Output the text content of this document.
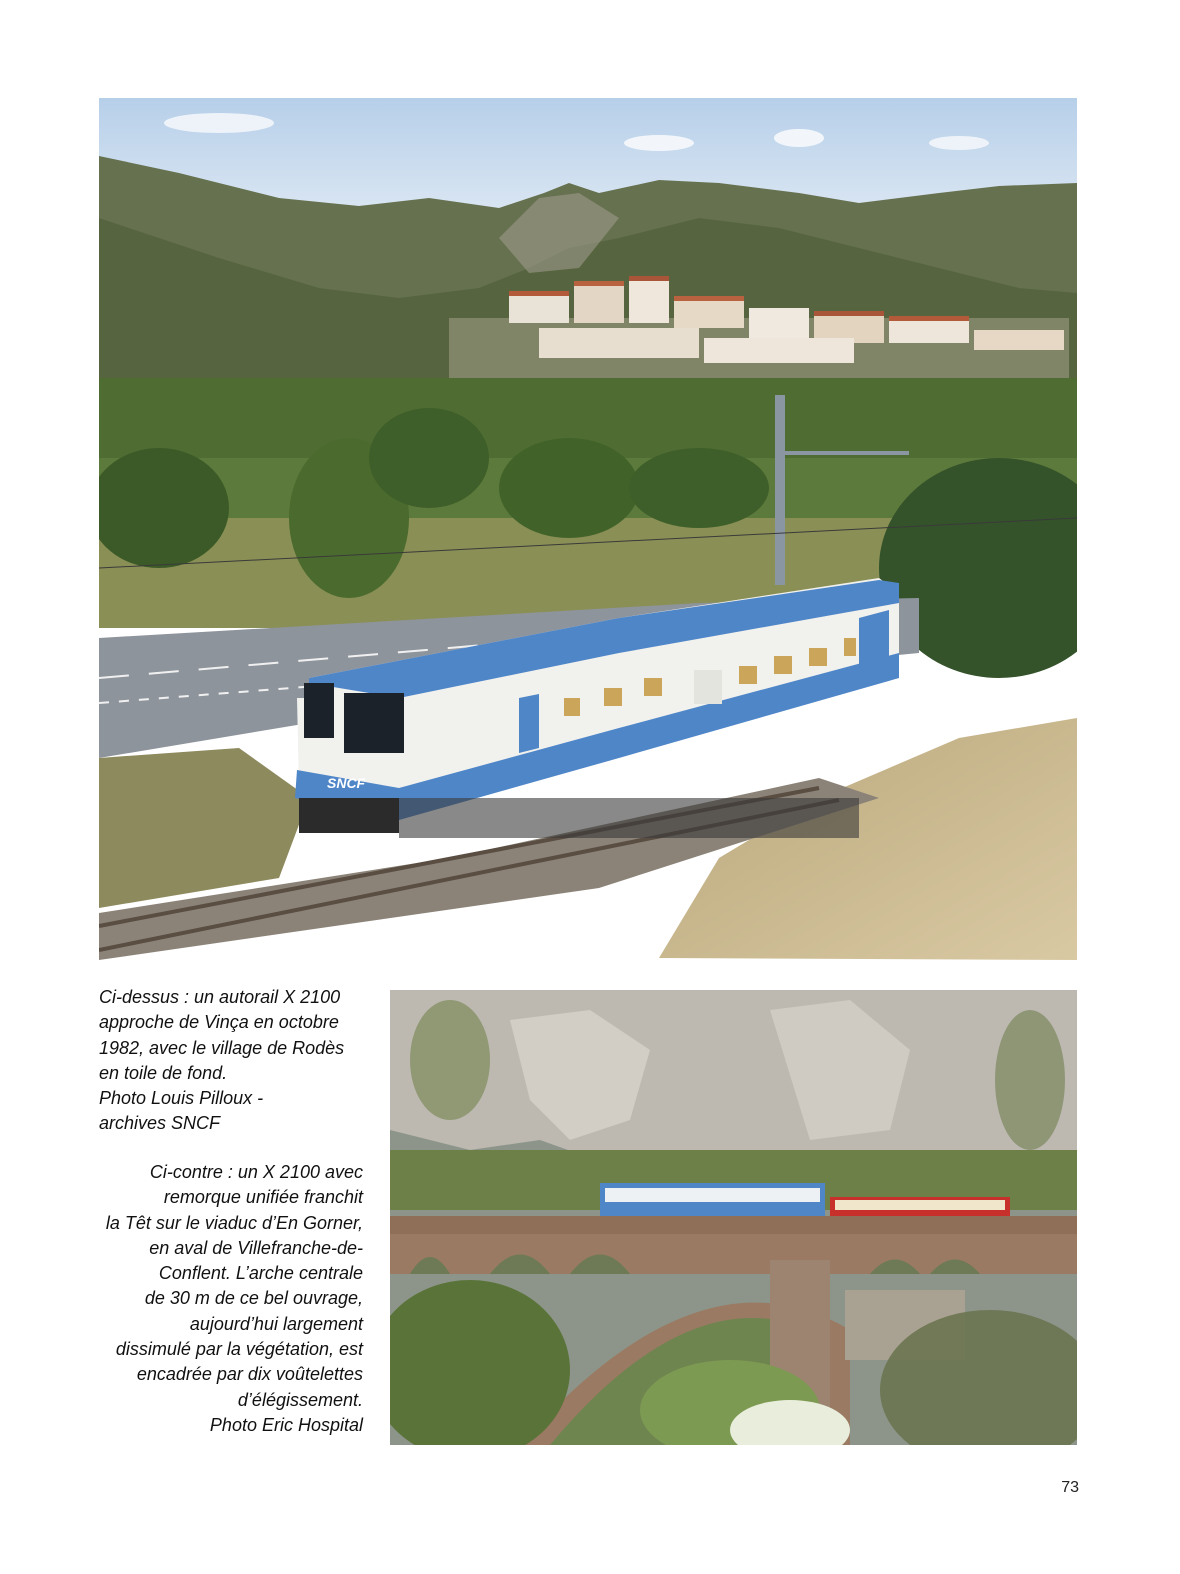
SNCF
Ci-dessus : un autorail X 2100
approche de Vinça en octobre
1982, avec le village de Rodès
en toile de fond.
Photo Louis Pilloux -
archives SNCF
Ci-contre : un X 2100 avec
remorque unifiée franchit
la Têt sur le viaduc d’En Gorner,
en aval de Villefranche-de-
Conflent. L’arche centrale
de 30 m de ce bel ouvrage,
aujourd’hui largement
dissimulé par la végétation, est
encadrée par dix voûtelettes
d’élégissement.
Photo Eric Hospital
73
